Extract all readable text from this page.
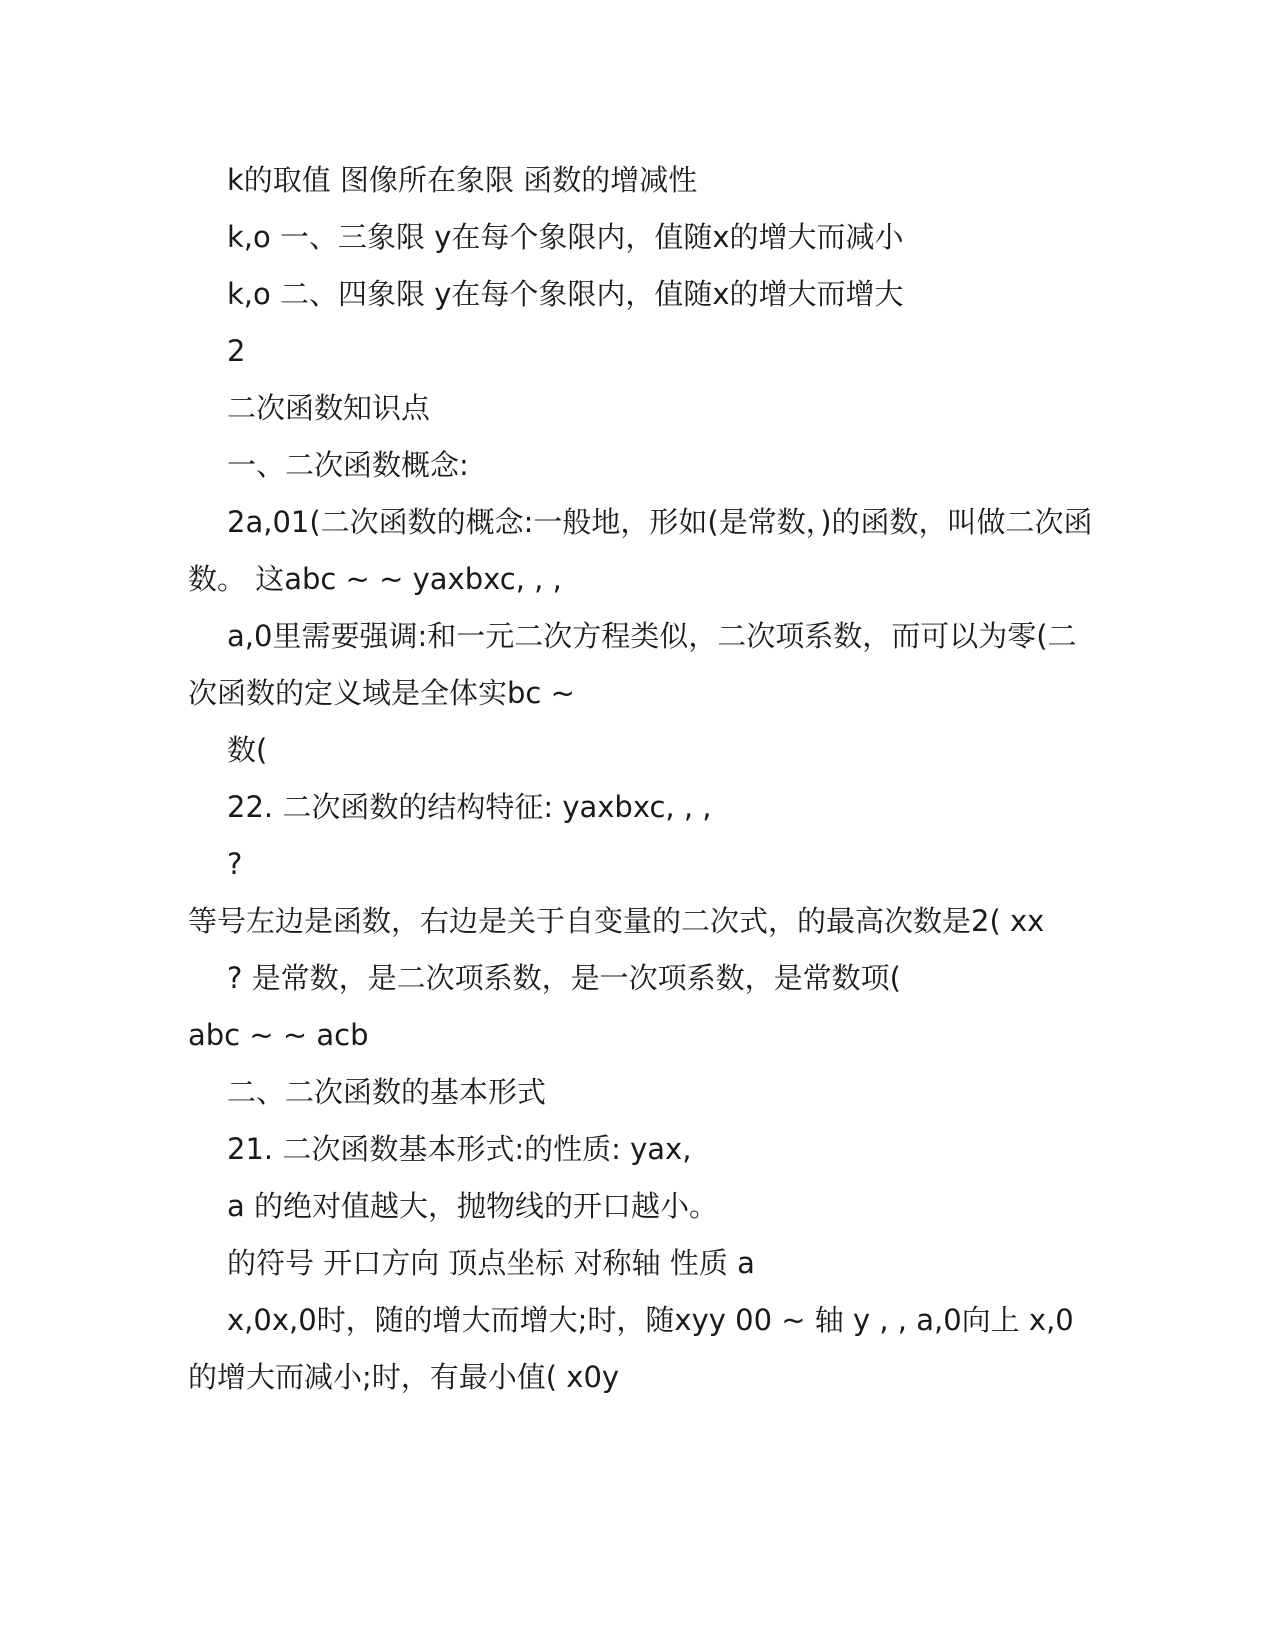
k的取值 图像所在象限 函数的增减性

k,o 一、三象限 y在每个象限内，值随x的增大而减小

k,o 二、四象限 y在每个象限内，值随x的增大而增大

2

二次函数知识点

一、二次函数概念:

2a,01(二次函数的概念:一般地，形如(是常数，)的函数，叫做二次函数。 这abc ~ ~ yaxbxc, , ,

a,0里需要强调:和一元二次方程类似，二次项系数，而可以为零(二次函数的定义域是全体实bc ~

数(

22. 二次函数的结构特征: yaxbxc, , ,

?

等号左边是函数，右边是关于自变量的二次式，的最高次数是2( xx

? 是常数，是二次项系数，是一次项系数，是常数项(

abc ~ ~ acb

二、二次函数的基本形式

21. 二次函数基本形式:的性质: yax,

a 的绝对值越大，抛物线的开口越小。

的符号 开口方向 顶点坐标 对称轴 性质 a

x,0x,0时，随的增大而增大;时，随xyy 00 ~ 轴 y , , a,0向上 x,0的增大而减小;时，有最小值( x0y
